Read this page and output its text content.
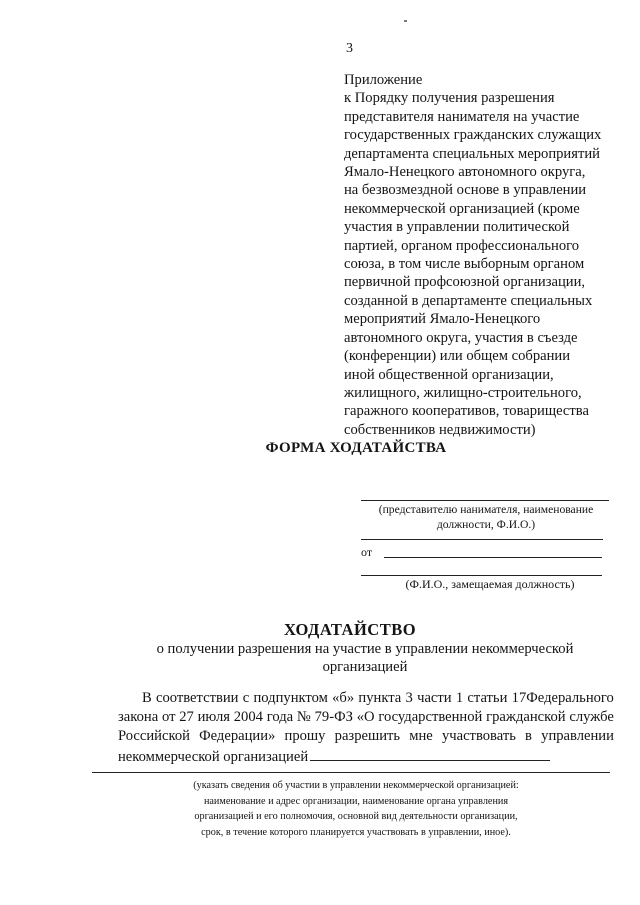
3
Приложение
к Порядку получения разрешения
представителя нанимателя на участие
государственных гражданских служащих
департамента специальных мероприятий
Ямало-Ненецкого автономного округа,
на безвозмездной основе в управлении
некоммерческой организацией (кроме
участия в управлении политической
партией, органом профессионального
союза, в том числе выборным органом
первичной профсоюзной организации,
созданной в департаменте специальных
мероприятий Ямало-Ненецкого
автономного округа, участия в съезде
(конференции) или общем собрании
иной общественной организации,
жилищного, жилищно-строительного,
гаражного кооперативов, товарищества
собственников недвижимости)
ФОРМА ХОДАТАЙСТВА
(представителю нанимателя, наименование
должности, Ф.И.О.)
от
(Ф.И.О., замещаемая должность)
ХОДАТАЙСТВО
о получении разрешения на участие в управлении некоммерческой
организацией
В соответствии с подпунктом «б» пункта 3 части 1 статьи 17Федерального
закона от 27 июля 2004 года № 79-ФЗ «О государственной гражданской службе
Российской Федерации» прошу разрешить мне участвовать в управлении
некоммерческой организацией
(указать сведения об участии в управлении некоммерческой организацией:
наименование и адрес организации, наименование органа управления
организацией и его полномочия, основной вид деятельности организации,
срок, в течение которого планируется участвовать в управлении, иное).
